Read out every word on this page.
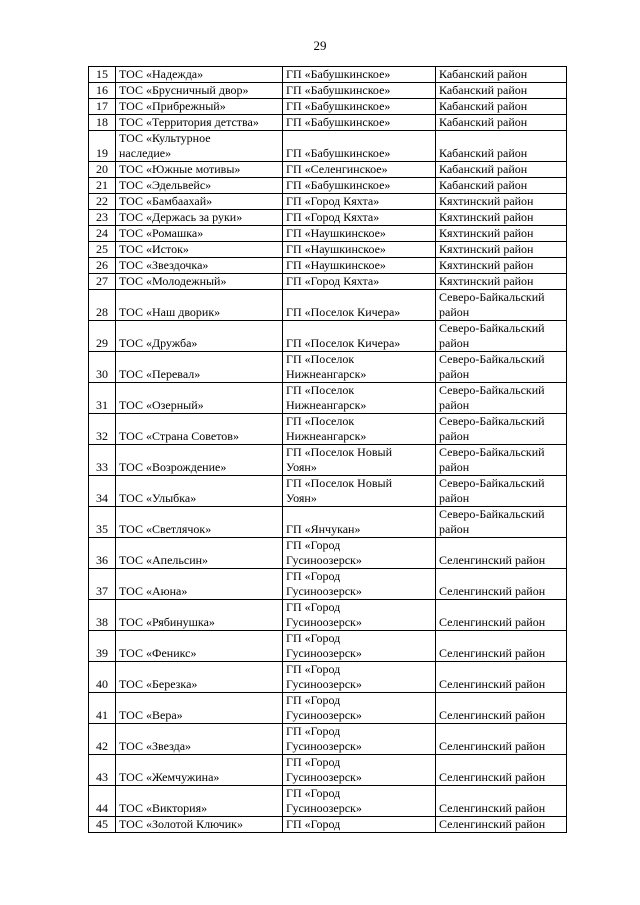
29
15	ТОС «Надежда»	ГП «Бабушкинское»	Кабанский район
16	ТОС «Брусничный двор»	ГП «Бабушкинское»	Кабанский район
17	ТОС «Прибрежный»	ГП «Бабушкинское»	Кабанский район
18	ТОС «Территория детства»	ГП «Бабушкинское»	Кабанский район
19	ТОС «Культурное
наследие»	ГП «Бабушкинское»	Кабанский район
20	ТОС «Южные мотивы»	ГП «Селенгинское»	Кабанский район
21	ТОС «Эдельвейс»	ГП «Бабушкинское»	Кабанский район
22	ТОС «Бамбаахай»	ГП «Город Кяхта»	Кяхтинский район
23	ТОС «Держась за руки»	ГП «Город Кяхта»	Кяхтинский район
24	ТОС «Ромашка»	ГП «Наушкинское»	Кяхтинский район
25	ТОС «Исток»	ГП «Наушкинское»	Кяхтинский район
26	ТОС «Звездочка»	ГП «Наушкинское»	Кяхтинский район
27	ТОС «Молодежный»	ГП «Город Кяхта»	Кяхтинский район
28	ТОС «Наш дворик»	ГП «Поселок Кичера»	Северо-Байкальский
район
29	ТОС «Дружба»	ГП «Поселок Кичера»	Северо-Байкальский
район
30	ТОС «Перевал»	ГП «Поселок
Нижнеангарск»	Северо-Байкальский
район
31	ТОС «Озерный»	ГП «Поселок
Нижнеангарск»	Северо-Байкальский
район
32	ТОС «Страна Советов»	ГП «Поселок
Нижнеангарск»	Северо-Байкальский
район
33	ТОС «Возрождение»	ГП «Поселок Новый
Уоян»	Северо-Байкальский
район
34	ТОС «Улыбка»	ГП «Поселок Новый
Уоян»	Северо-Байкальский
район
35	ТОС «Светлячок»	ГП «Янчукан»	Северо-Байкальский
район
36	ТОС «Апельсин»	ГП «Город
Гусиноозерск»	Селенгинский район
37	ТОС «Аюна»	ГП «Город
Гусиноозерск»	Селенгинский район
38	ТОС «Рябинушка»	ГП «Город
Гусиноозерск»	Селенгинский район
39	ТОС «Феникс»	ГП «Город
Гусиноозерск»	Селенгинский район
40	ТОС «Березка»	ГП «Город
Гусиноозерск»	Селенгинский район
41	ТОС «Вера»	ГП «Город
Гусиноозерск»	Селенгинский район
42	ТОС «Звезда»	ГП «Город
Гусиноозерск»	Селенгинский район
43	ТОС «Жемчужина»	ГП «Город
Гусиноозерск»	Селенгинский район
44	ТОС «Виктория»	ГП «Город
Гусиноозерск»	Селенгинский район
45	ТОС «Золотой Ключик»	ГП «Город	Селенгинский район
